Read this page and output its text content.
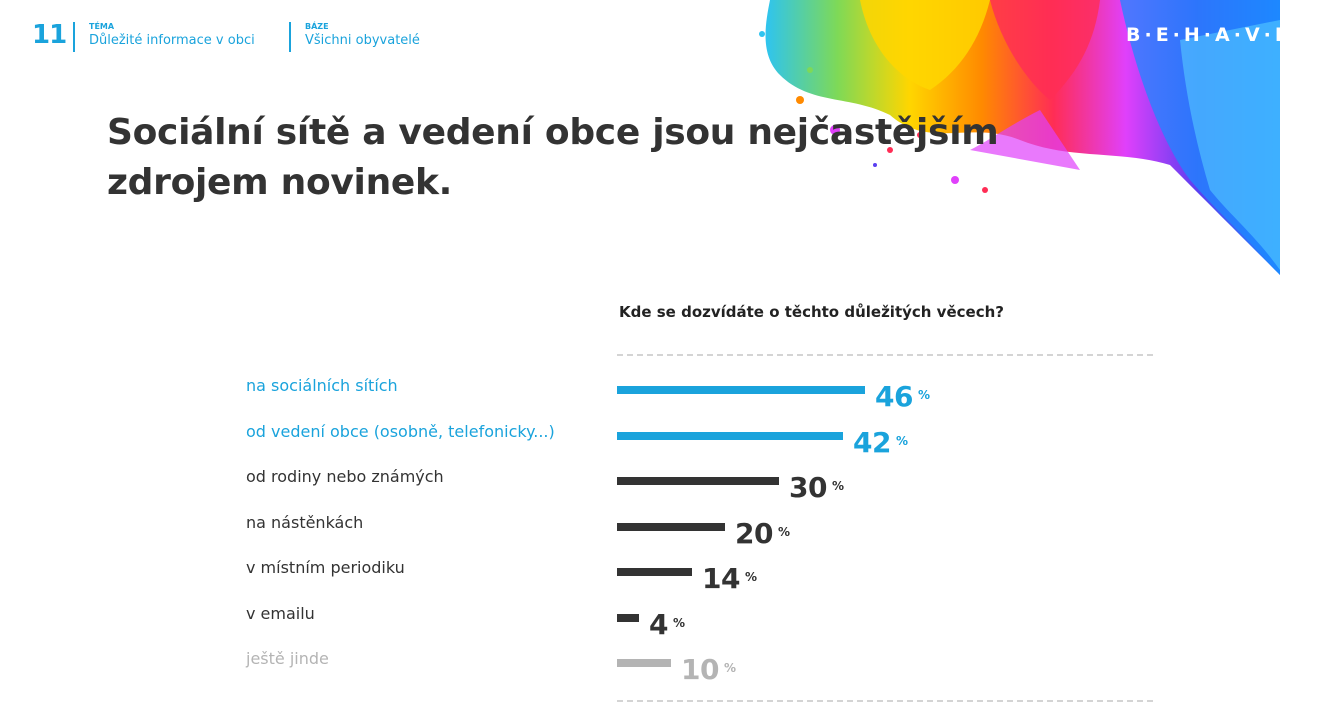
11	TÉMA
Důležité informace v obci
BÁZE
Všichni obyvatelé	B·E·H·A·V·I·O
Sociální sítě a vedení obce jsou nejčastějším zdrojem novinek.
Kde se dozvídáte o těchto důležitých věcech?
na sociálních sítích	46 %
od vedení obce (osobně, telefonicky...)	42 %
od rodiny nebo známých	30 %
na nástěnkách	20 %
v místním periodiku	14 %
v emailu	4 %
ještě jinde	10 %
